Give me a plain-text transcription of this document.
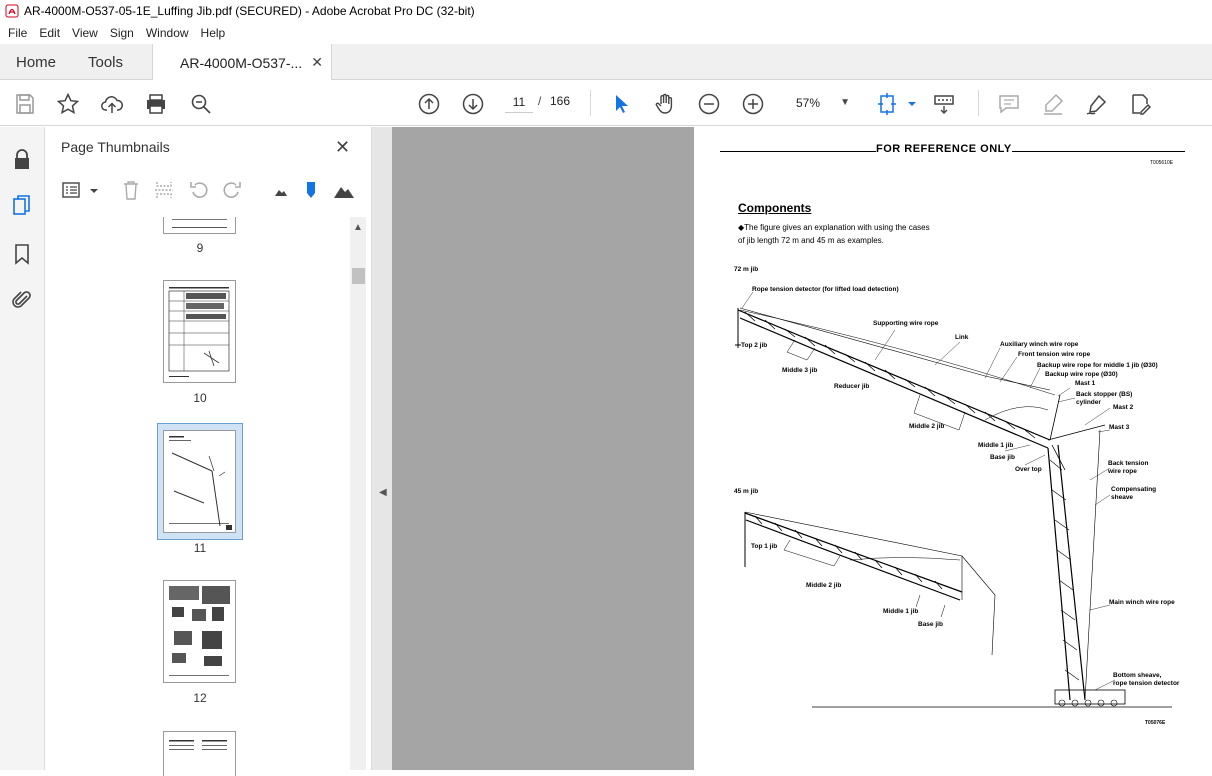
AR-4000M-O537-05-1E_Luffing Jib.pdf (SECURED) - Adobe Acrobat Pro DC (32-bit)
File	Edit	View	Sign	Window	Help
Home Tools	AR-4000M-O537-... ✕
11	/ 166	57% ▼
Page Thumbnails	✕
9
10
11
12
▲
◀
FOR REFERENCE ONLY
T005610E
Components
◆The figure gives an explanation with using the cases
of jib length 72 m and 45 m as examples.
72 m jib
Rope tension detector (for lifted load detection)
Supporting wire rope
Link
Top 2 jib	Auxiliary winch wire rope
Front tension wire rope
Backup wire rope for middle 1 jib (Ø30)
Backup wire rope (Ø30)
Middle 3 jib
Mast 1
Reducer jib
Back stopper (BS)
cylinder
Mast 2
Middle 2 jib	Mast 3
Middle 1 jib
Base jib
Over top
Back tension
wire rope
Compensating
sheave
45 m jib
Top 1 jib
Middle 2 jib
Main winch wire rope
Middle 1 jib
Base jib
Bottom sheave,
rope tension detector
T05076E
